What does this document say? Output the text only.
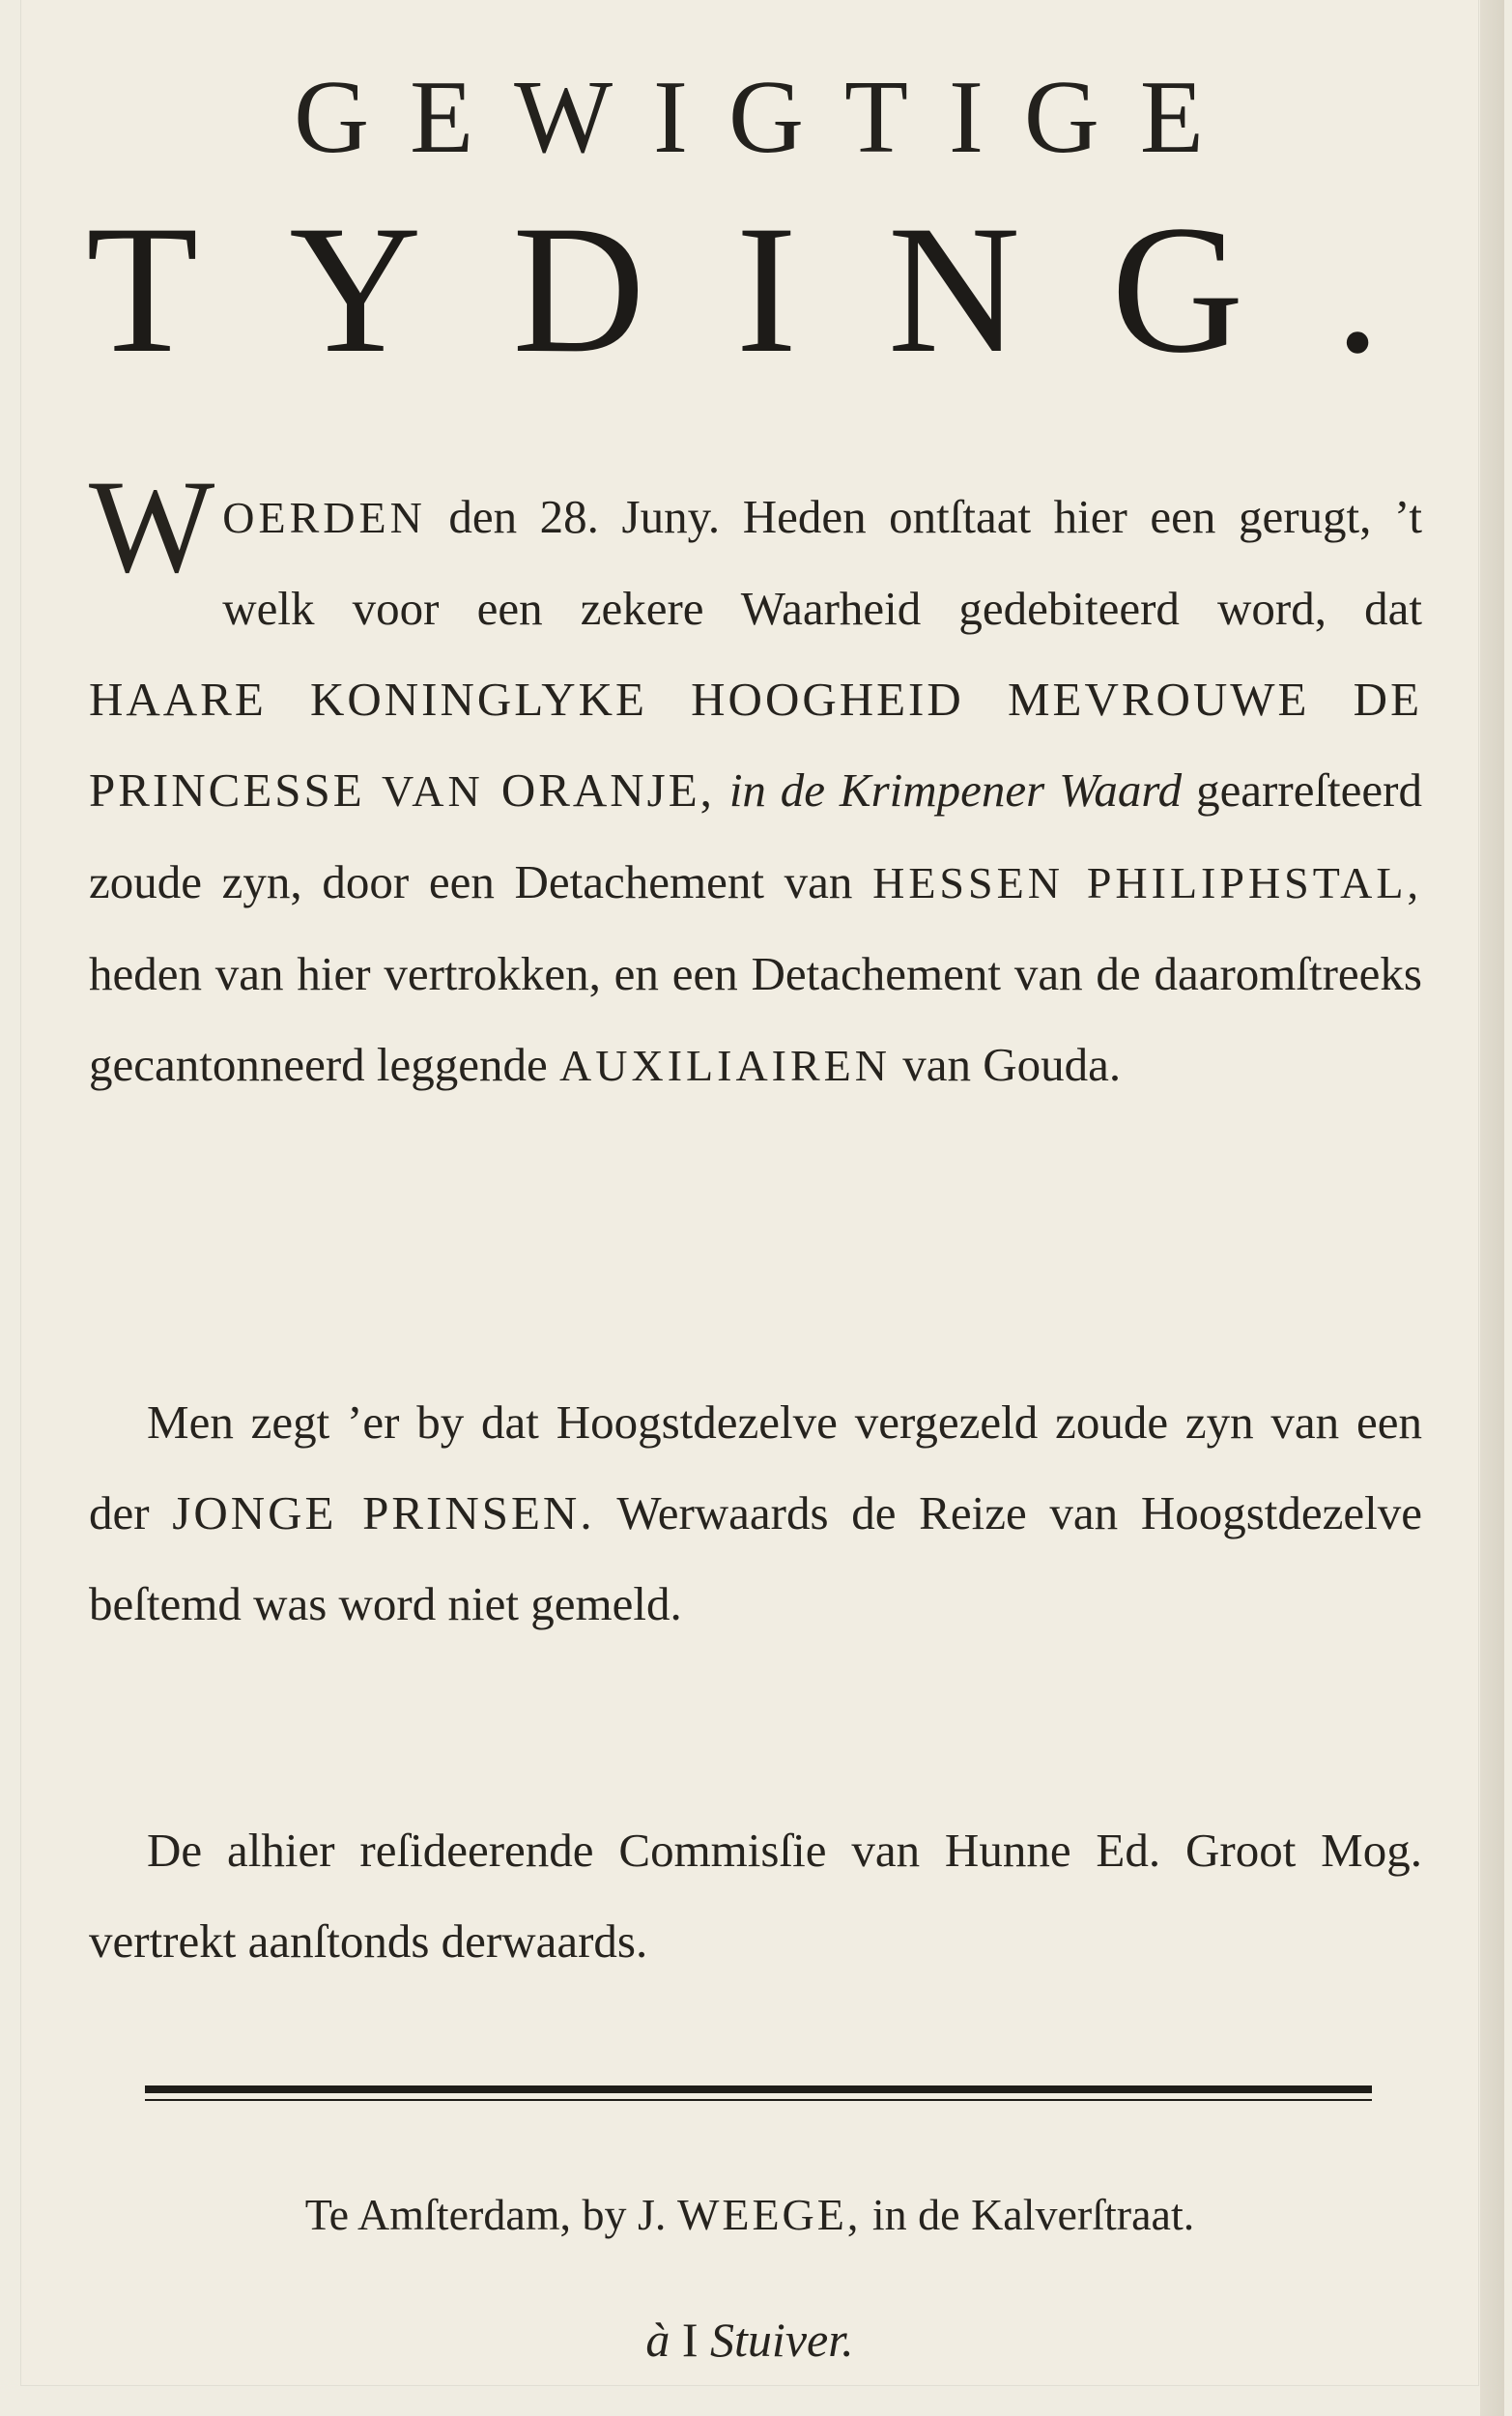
GEWIGTIGE
TYDING.
WOERDEN den 28. Juny. Heden ontſtaat hier een gerugt, ’t welk voor een zekere Waarheid gedebiteerd word, dat HAARE KONINGLYKE HOOGHEID MEVROUWE DE PRINCESSE VAN ORANJE, in de Krimpener Waard gearreſteerd zoude zyn, door een Detachement van HESSEN PHILIPHSTAL, heden van hier vertrokken, en een Detachement van de daaromſtreeks gecantonneerd leggende AUXILIAIREN van Gouda.
Men zegt ’er by dat Hoogstdezelve vergezeld zoude zyn van een der JONGE PRINSEN. Werwaards de Reize van Hoogstdezelve beſtemd was word niet gemeld.
De alhier reſideerende Commisſie van Hunne Ed. Groot Mog. vertrekt aanſtonds derwaards.
Te Amſterdam, by J. WEEGE, in de Kalverſtraat.
à I Stuiver.
